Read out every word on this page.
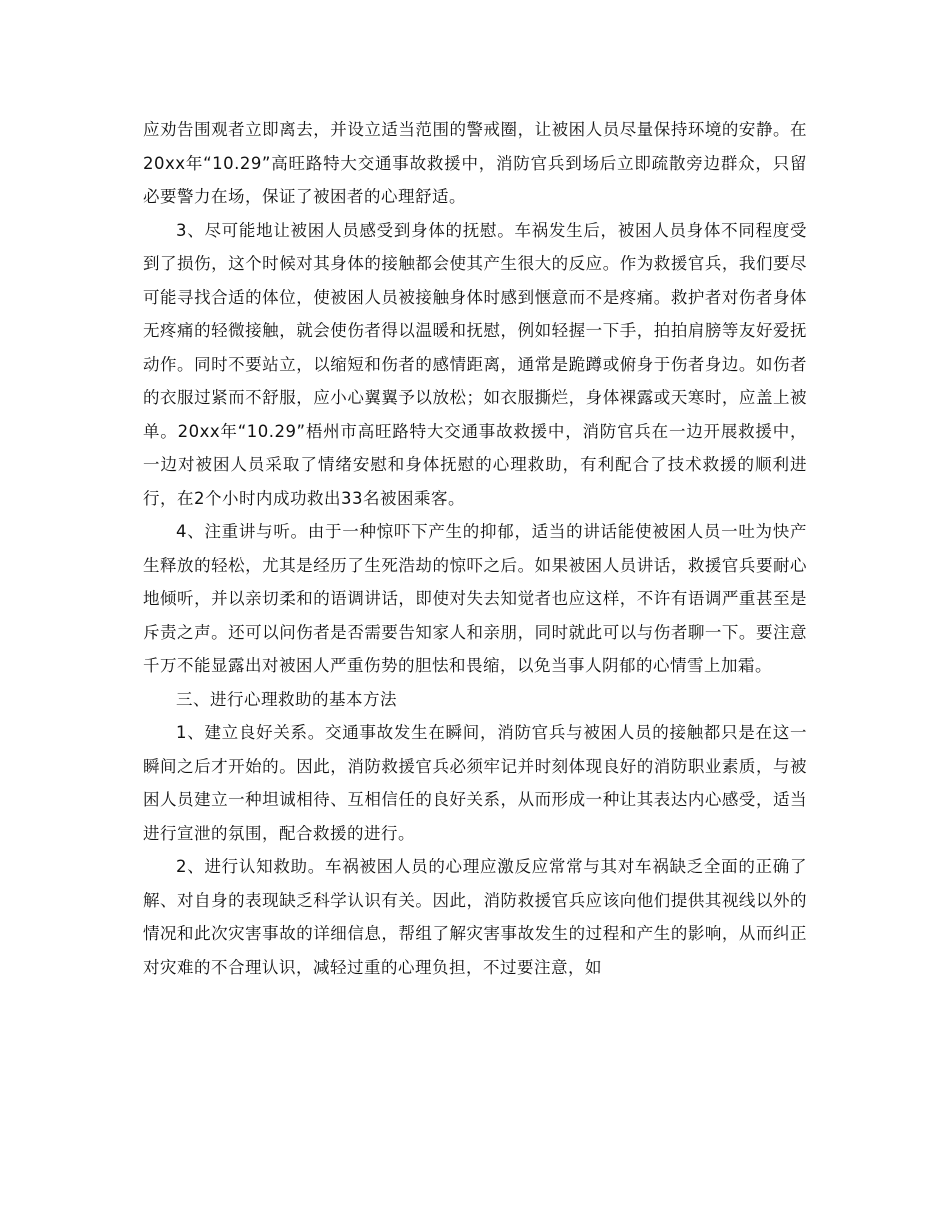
应劝告围观者立即离去，并设立适当范围的警戒圈，让被困人员尽量保持环境的安静。在20xx年“10.29”高旺路特大交通事故救援中，消防官兵到场后立即疏散旁边群众，只留必要警力在场，保证了被困者的心理舒适。

3、尽可能地让被困人员感受到身体的抚慰。车祸发生后，被困人员身体不同程度受到了损伤，这个时候对其身体的接触都会使其产生很大的反应。作为救援官兵，我们要尽可能寻找合适的体位，使被困人员被接触身体时感到惬意而不是疼痛。救护者对伤者身体无疼痛的轻微接触，就会使伤者得以温暖和抚慰，例如轻握一下手，拍拍肩膀等友好爱抚动作。同时不要站立，以缩短和伤者的感情距离，通常是跪蹲或俯身于伤者身边。如伤者的衣服过紧而不舒服，应小心翼翼予以放松；如衣服撕烂，身体裸露或天寒时，应盖上被单。20xx年“10.29”梧州市高旺路特大交通事故救援中，消防官兵在一边开展救援中，一边对被困人员采取了情绪安慰和身体抚慰的心理救助，有利配合了技术救援的顺利进行，在2个小时内成功救出33名被困乘客。

4、注重讲与听。由于一种惊吓下产生的抑郁，适当的讲话能使被困人员一吐为快产生释放的轻松，尤其是经历了生死浩劫的惊吓之后。如果被困人员讲话，救援官兵要耐心地倾听，并以亲切柔和的语调讲话，即使对失去知觉者也应这样，不许有语调严重甚至是斥责之声。还可以问伤者是否需要告知家人和亲朋，同时就此可以与伤者聊一下。要注意千万不能显露出对被困人严重伤势的胆怯和畏缩，以免当事人阴郁的心情雪上加霜。

三、进行心理救助的基本方法

1、建立良好关系。交通事故发生在瞬间，消防官兵与被困人员的接触都只是在这一瞬间之后才开始的。因此，消防救援官兵必须牢记并时刻体现良好的消防职业素质，与被困人员建立一种坦诚相待、互相信任的良好关系，从而形成一种让其表达内心感受，适当进行宣泄的氛围，配合救援的进行。

2、进行认知救助。车祸被困人员的心理应激反应常常与其对车祸缺乏全面的正确了解、对自身的表现缺乏科学认识有关。因此，消防救援官兵应该向他们提供其视线以外的情况和此次灾害事故的详细信息，帮组了解灾害事故发生的过程和产生的影响，从而纠正对灾难的不合理认识，减轻过重的心理负担，不过要注意，如
